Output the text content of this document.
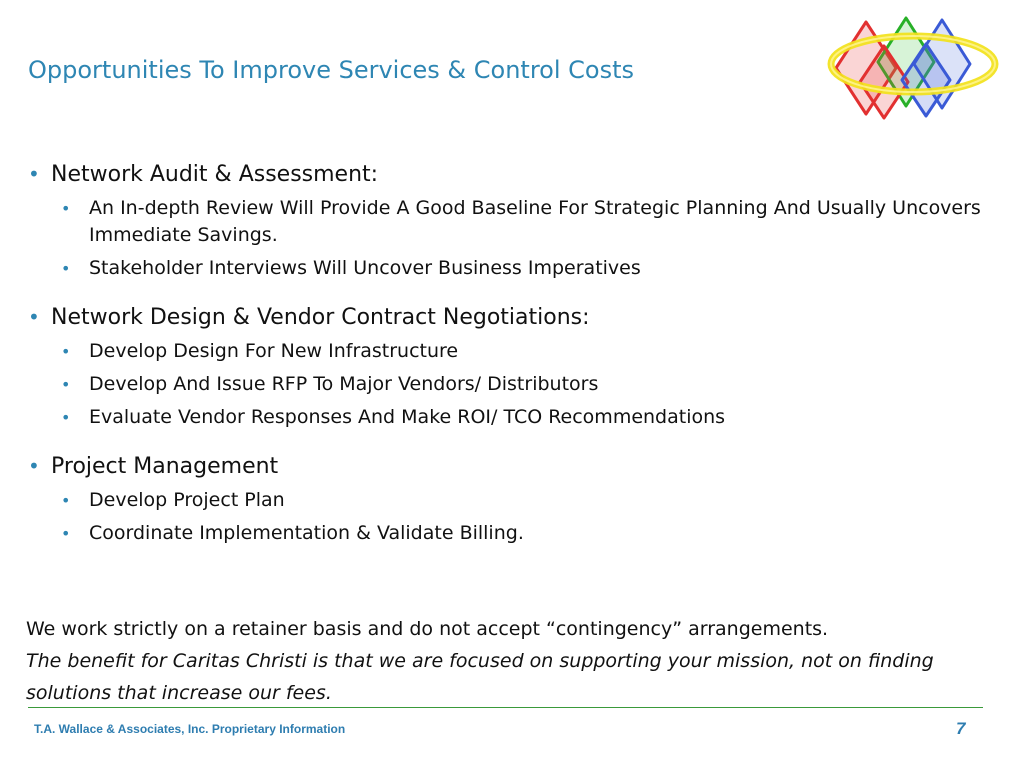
Opportunities To Improve Services & Control Costs
• Network Audit & Assessment:
• An In-depth Review Will Provide A Good Baseline For Strategic Planning And Usually Uncovers Immediate Savings.
• Stakeholder Interviews Will Uncover Business Imperatives
• Network Design & Vendor Contract Negotiations:
• Develop Design For New Infrastructure
• Develop And Issue RFP To Major Vendors/ Distributors
• Evaluate Vendor Responses And Make ROI/ TCO Recommendations
• Project Management
• Develop Project Plan
• Coordinate Implementation & Validate Billing.
We work strictly on a retainer basis and do not accept “contingency” arrangements.
The benefit for Caritas Christi is that we are focused on supporting your mission, not on finding solutions that increase our fees.
T.A. Wallace & Associates, Inc. Proprietary Information	7
